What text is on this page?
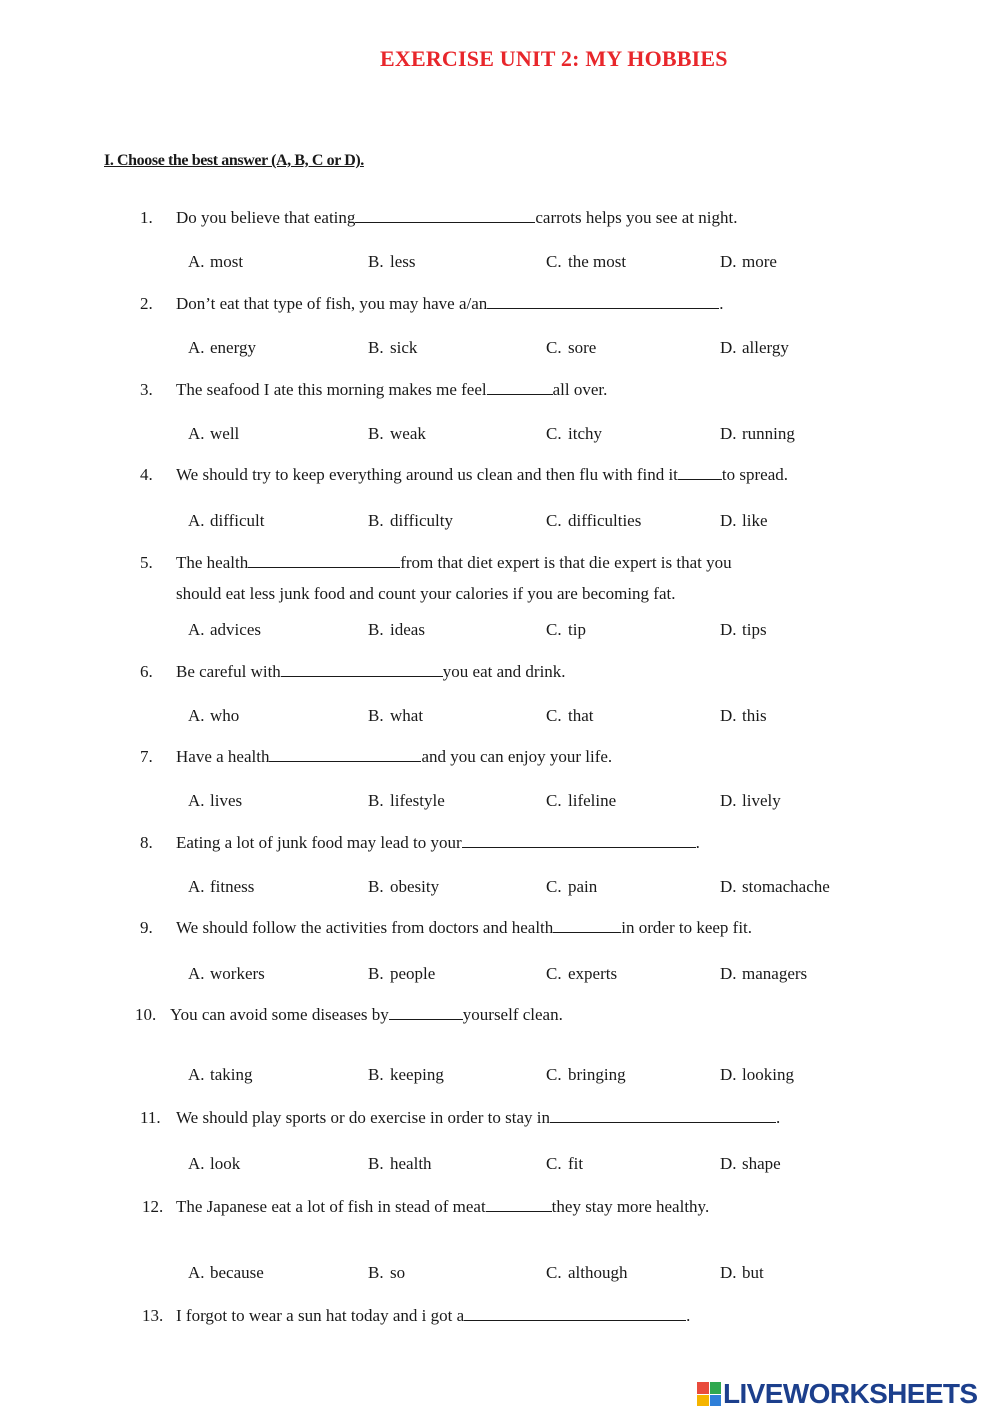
EXERCISE UNIT 2: MY HOBBIES
I. Choose the best answer (A, B, C or D).
1. Do you believe that eating	carrots helps you see at night.
A. most	B. less	C. the most	D. more
2. Don’t eat that type of fish, you may have a/an	.
A. energy	B. sick	C. sore	D. allergy
3. The seafood I ate this morning makes me feel	all over.
A. well	B. weak	C. itchy	D. running
4. We should try to keep everything around us clean and then flu with find it	to spread.
A. difficult	B. difficulty	C. difficulties	D. like
5. The health	from that diet expert is that die expert is that you
should eat less junk food and count your calories if you are becoming fat.
A. advices	B. ideas	C. tip	D. tips
6. Be careful with	you eat and drink.
A. who	B. what	C. that	D. this
7. Have a health	and you can enjoy your life.
A. lives	B. lifestyle	C. lifeline	D. lively
8. Eating a lot of junk food may lead to your	.
A. fitness	B. obesity	C. pain	D. stomachache
9. We should follow the activities from doctors and health	in order to keep fit.
A. workers	B. people	C. experts	D. managers
10. You can avoid some diseases by	yourself clean.
A. taking	B. keeping	C. bringing	D. looking
11. We should play sports or do exercise in order to stay in	.
A. look	B. health	C. fit	D. shape
12. The Japanese eat a lot of fish in stead of meat	they stay more healthy.
A. because	B. so	C. although	D. but
13. I forgot to wear a sun hat today and i got a	.
LIVEWORKSHEETS
